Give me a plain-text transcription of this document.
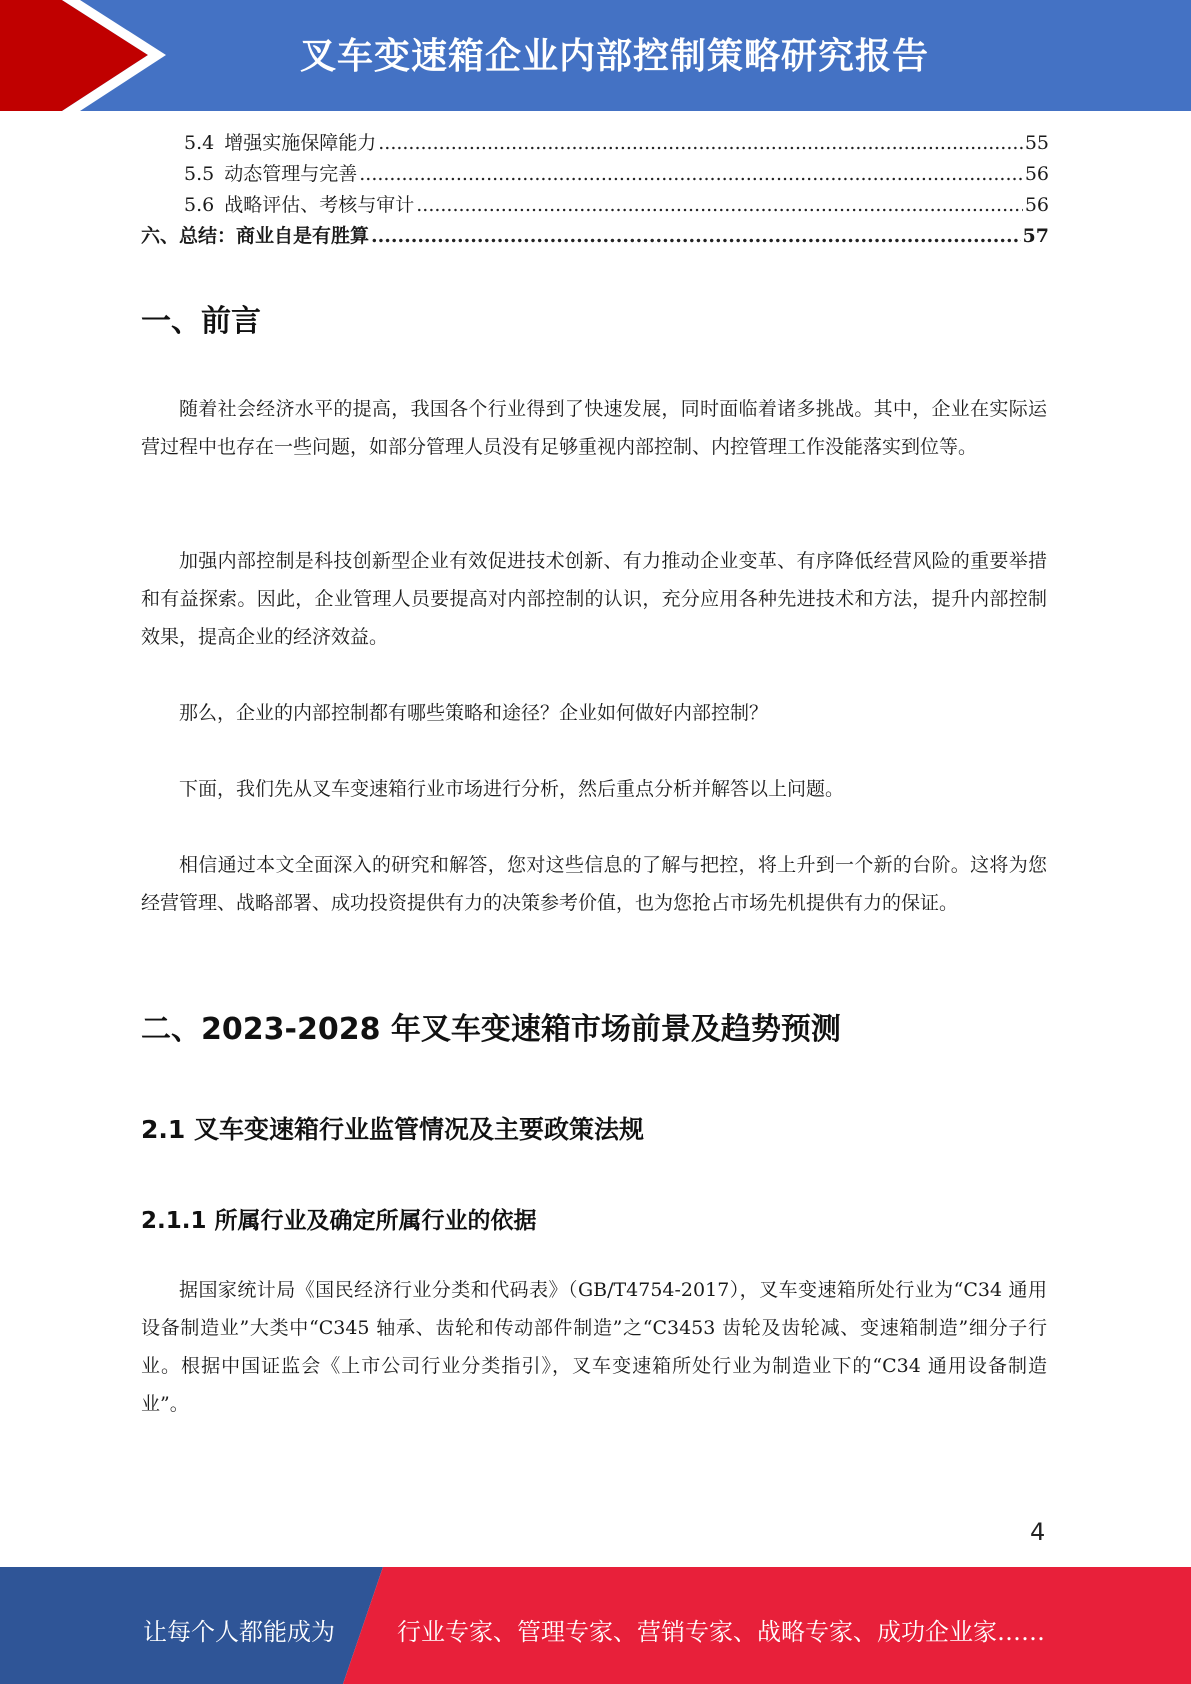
叉车变速箱企业内部控制策略研究报告
5.4 增强实施保障能力 .....	55
5.5 动态管理与完善 .....	56
5.6 战略评估、考核与审计 .....	56
六、总结：商业自是有胜算 .....	57
一、前言
随着社会经济水平的提高，我国各个行业得到了快速发展，同时面临着诸多挑战。其中，企业在实际运营过程中也存在一些问题，如部分管理人员没有足够重视内部控制、内控管理工作没能落实到位等。
加强内部控制是科技创新型企业有效促进技术创新、有力推动企业变革、有序降低经营风险的重要举措和有益探索。因此，企业管理人员要提高对内部控制的认识，充分应用各种先进技术和方法，提升内部控制效果，提高企业的经济效益。
那么，企业的内部控制都有哪些策略和途径？企业如何做好内部控制？
下面，我们先从叉车变速箱行业市场进行分析，然后重点分析并解答以上问题。
相信通过本文全面深入的研究和解答，您对这些信息的了解与把控，将上升到一个新的台阶。这将为您经营管理、战略部署、成功投资提供有力的决策参考价值，也为您抢占市场先机提供有力的保证。
二、2023-2028 年叉车变速箱市场前景及趋势预测
2.1 叉车变速箱行业监管情况及主要政策法规
2.1.1 所属行业及确定所属行业的依据
据国家统计局《国民经济行业分类和代码表》（GB/T4754-2017），叉车变速箱所处行业为“C34 通用设备制造业”大类中“C345 轴承、齿轮和传动部件制造”之“C3453 齿轮及齿轮减、变速箱制造”细分子行业。根据中国证监会《上市公司行业分类指引》，叉车变速箱所处行业为制造业下的“C34 通用设备制造业”。
4
让每个人都能成为	行业专家、管理专家、营销专家、战略专家、成功企业家……
